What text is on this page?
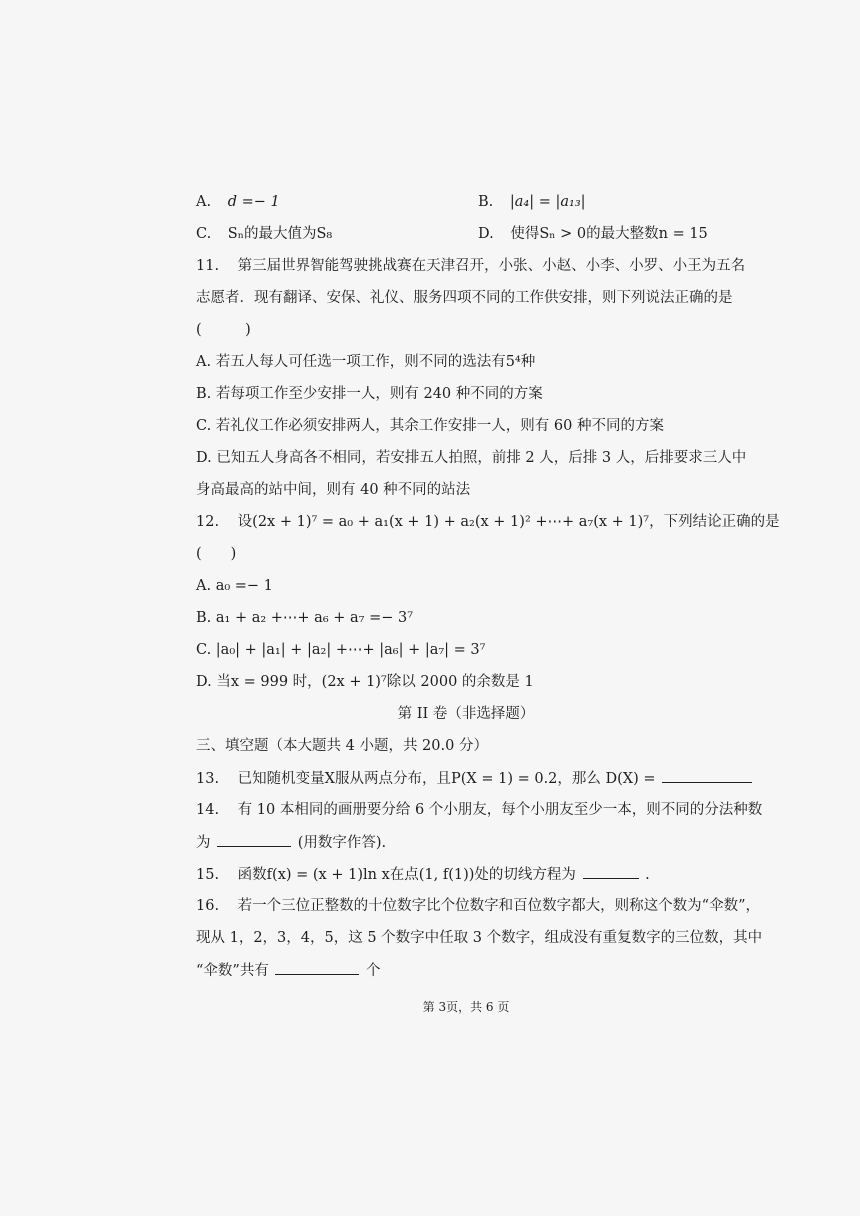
A. d =− 1	B. |a₄| = |a₁₃|
C. Sₙ的最大值为S₈	D. 使得Sₙ > 0的最大整数n = 15
11. 第三届世界智能驾驶挑战赛在天津召开，小张、小赵、小李、小罗、小王为五名
志愿者．现有翻译、安保、礼仪、服务四项不同的工作供安排，则下列说法正确的是
(　　　)
A. 若五人每人可任选一项工作，则不同的选法有5⁴种
B. 若每项工作至少安排一人，则有 240 种不同的方案
C. 若礼仪工作必须安排两人，其余工作安排一人，则有 60 种不同的方案
D. 已知五人身高各不相同，若安排五人拍照，前排 2 人，后排 3 人，后排要求三人中
身高最高的站中间，则有 40 种不同的站法
12. 设(2x + 1)⁷ = a₀ + a₁(x + 1) + a₂(x + 1)² +⋯+ a₇(x + 1)⁷，下列结论正确的是
(　　)
A. a₀ =− 1
B. a₁ + a₂ +⋯+ a₆ + a₇ =− 3⁷
C. |a₀| + |a₁| + |a₂| +⋯+ |a₆| + |a₇| = 3⁷
D. 当x = 999 时，(2x + 1)⁷除以 2000 的余数是 1
第 II 卷（非选择题）
三、填空题（本大题共 4 小题，共 20.0 分）
13. 已知随机变量X服从两点分布，且P(X = 1) = 0.2，那么 D(X) =
14. 有 10 本相同的画册要分给 6 个小朋友，每个小朋友至少一本，则不同的分法种数
为	(用数字作答).
15. 函数f(x) = (x + 1)ln x在点(1, f(1))处的切线方程为	.
16. 若一个三位正整数的十位数字比个位数字和百位数字都大，则称这个数为“伞数”，
现从 1，2，3，4，5，这 5 个数字中任取 3 个数字，组成没有重复数字的三位数，其中
“伞数”共有	个
第 3页，共 6 页
